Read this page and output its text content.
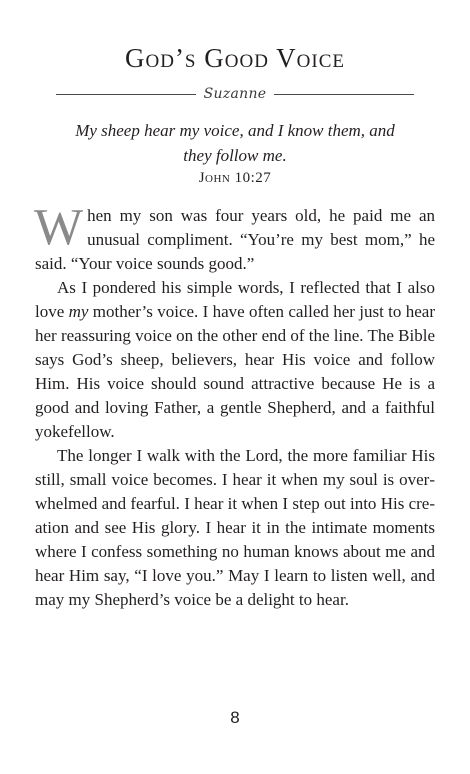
God’s Good Voice
Suzanne
My sheep hear my voice, and I know them, and they follow me.
John 10:27

When my son was four years old, he paid me an unusual compliment. “You’re my best mom,” he said. “Your voice sounds good.”

As I pondered his simple words, I reflected that I also love my mother’s voice. I have often called her just to hear her reassuring voice on the other end of the line. The Bible says God’s sheep, believers, hear His voice and follow Him. His voice should sound attractive because He is a good and loving Father, a gentle Shepherd, and a faithful yokefellow.

The longer I walk with the Lord, the more familiar His still, small voice becomes. I hear it when my soul is overwhelmed and fearful. I hear it when I step out into His creation and see His glory. I hear it in the intimate moments where I confess something no human knows about me and hear Him say, “I love you.” May I learn to listen well, and may my Shepherd’s voice be a delight to hear.

8
